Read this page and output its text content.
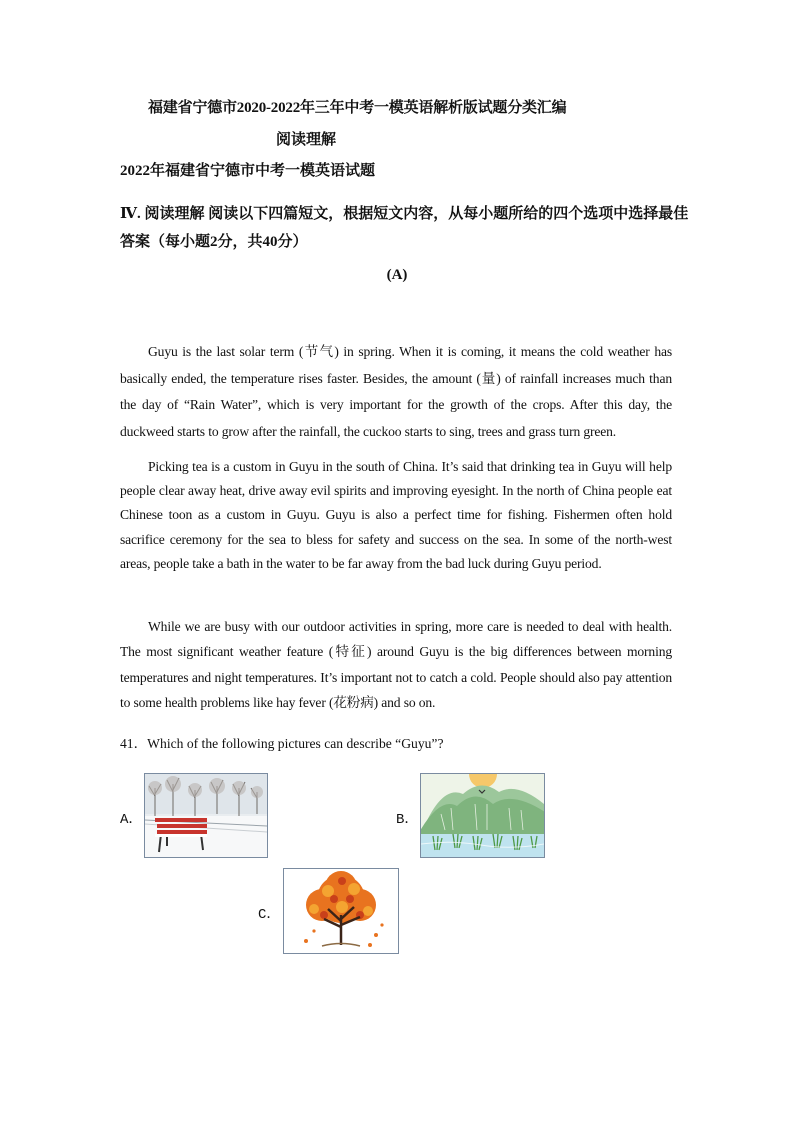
福建省宁德市2020-2022年三年中考一模英语解析版试题分类汇编
阅读理解
2022年福建省宁德市中考一模英语试题
Ⅳ. 阅读理解 阅读以下四篇短文，根据短文内容，从每小题所给的四个选项中选择最佳答案（每小题2分，共40分）
(A)
Guyu is the last solar term (节气) in spring. When it is coming, it means the cold weather has basically ended, the temperature rises faster. Besides, the amount (量) of rainfall increases much than the day of “Rain Water”, which is very important for the growth of the crops. After this day, the duckweed starts to grow after the rainfall, the cuckoo starts to sing, trees and grass turn green.
Picking tea is a custom in Guyu in the south of China. It’s said that drinking tea in Guyu will help people clear away heat, drive away evil spirits and improving eyesight. In the north of China people eat Chinese toon as a custom in Guyu. Guyu is also a perfect time for fishing. Fishermen often hold sacrifice ceremony for the sea to bless for safety and success on the sea. In some of the north-west areas, people take a bath in the water to be far away from the bad luck during Guyu period.
While we are busy with our outdoor activities in spring, more care is needed to deal with health. The most significant weather feature (特征) around Guyu is the big differences between morning temperatures and night temperatures. It’s important not to catch a cold. People should also pay attention to some health problems like hay fever (花粉病) and so on.
41．Which of the following pictures can describe “Guyu”?
A．	B．
C．
